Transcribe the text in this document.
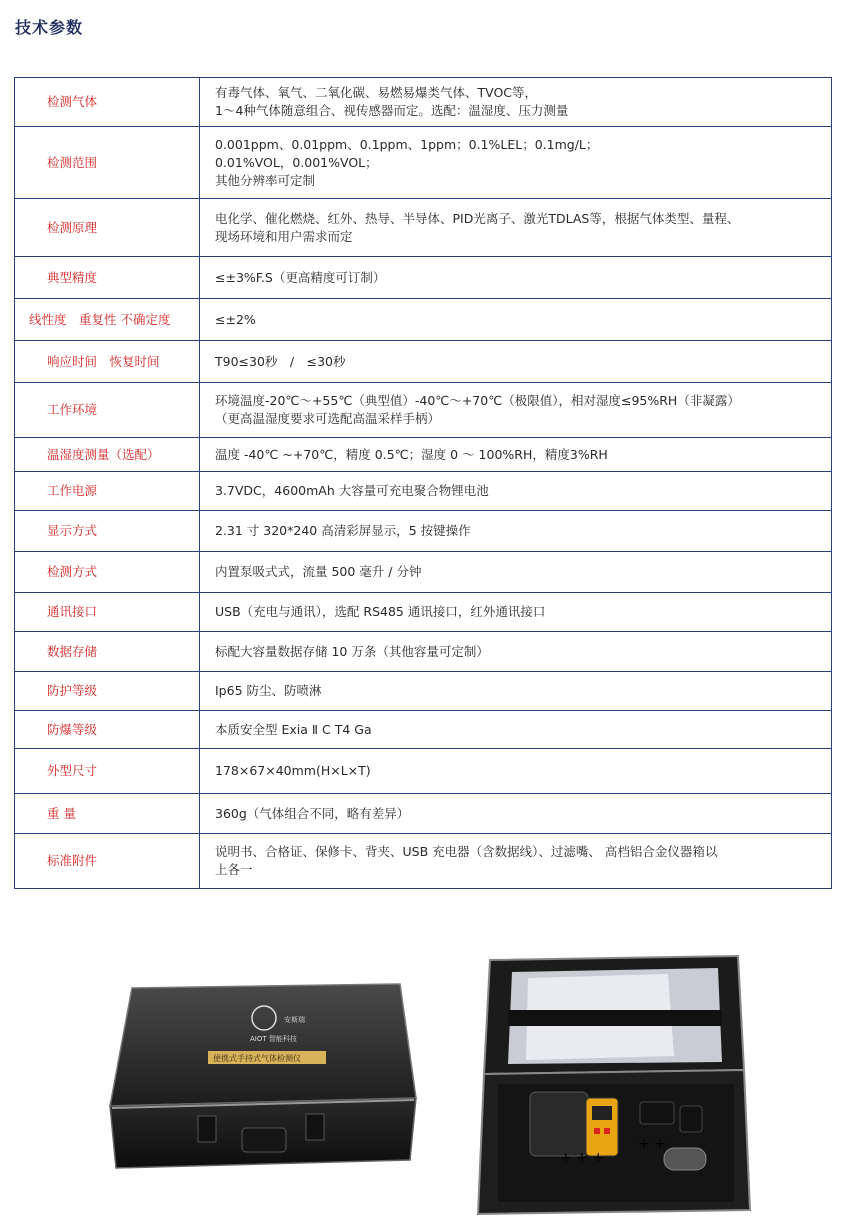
技术参数
检测气体	有毒气体、氧气、二氧化碳、易燃易爆类气体、TVOC等，
1～4种气体随意组合、视传感器而定。选配：温湿度、压力测量
检测范围	0.001ppm、0.01ppm、0.1ppm、1ppm；0.1%LEL；0.1mg/L；
0.01%VOL，0.001%VOL；
其他分辨率可定制
检测原理	电化学、催化燃烧、红外、热导、半导体、PID光离子、激光TDLAS等，根据气体类型、量程、
现场环境和用户需求而定
典型精度	≤±3%F.S（更高精度可订制）
线性度　重复性 不确定度	≤±2%
响应时间　恢复时间	T90≤30秒　/　≤30秒
工作环境	环境温度-20℃～+55℃（典型值）-40℃～+70℃（极限值），相对湿度≤95%RH（非凝露）
（更高温湿度要求可选配高温采样手柄）
温湿度测量（选配）	温度 -40℃ ~+70℃，精度 0.5℃；湿度 0 ～ 100%RH，精度3%RH
工作电源	3.7VDC，4600mAh 大容量可充电聚合物锂电池
显示方式	2.31 寸 320*240 高清彩屏显示，5 按键操作
检测方式	内置泵吸式式，流量 500 毫升 / 分钟
通讯接口	USB（充电与通讯），选配 RS485 通讯接口，红外通讯接口
数据存储	标配大容量数据存储 10 万条（其他容量可定制）
防护等级	Ip65 防尘、防喷淋
防爆等级	本质安全型 Exia Ⅱ C T4 Ga
外型尺寸	178×67×40mm(H×L×T)
重 量	360g（气体组合不同，略有差异）
标准附件	说明书、合格证、保修卡、背夹、USB 充电器（含数据线）、过滤嘴、 高档铝合金仪器箱以
上各一
安斯瑞
AIOT 智能科技
便携式手持式气体检测仪
+ + +
+ +
